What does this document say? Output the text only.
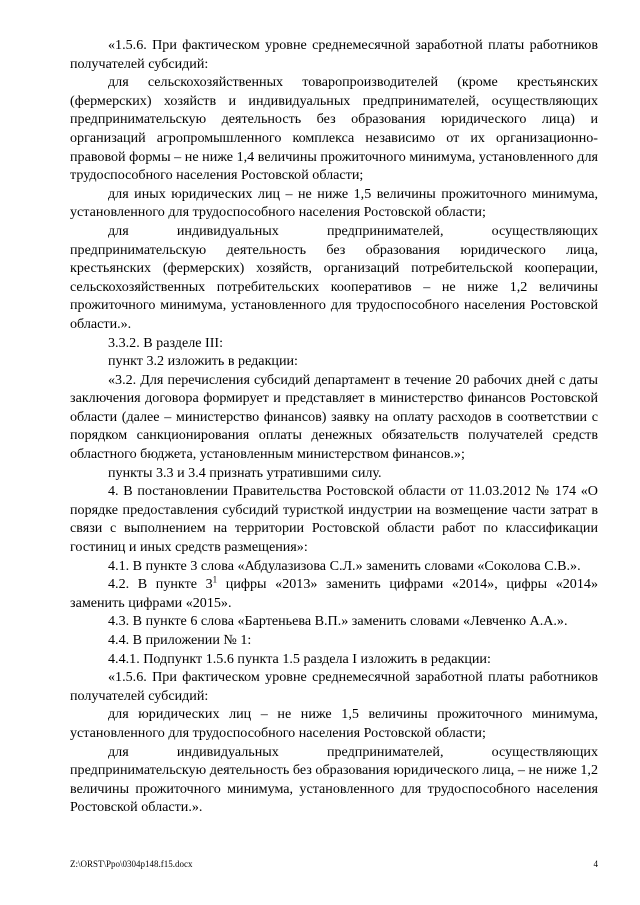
«1.5.6. При фактическом уровне среднемесячной заработной платы работников получателей субсидий:

для сельскохозяйственных товаропроизводителей (кроме крестьянских (фермерских) хозяйств и индивидуальных предпринимателей, осуществляющих предпринимательскую деятельность без образования юридического лица) и организаций агропромышленного комплекса независимо от их организационно-правовой формы – не ниже 1,4 величины прожиточного минимума, установленного для трудоспособного населения Ростовской области;

для иных юридических лиц – не ниже 1,5 величины прожиточного минимума, установленного для трудоспособного населения Ростовской области;

для индивидуальных предпринимателей, осуществляющих предпринимательскую деятельность без образования юридического лица, крестьянских (фермерских) хозяйств, организаций потребительской кооперации, сельскохозяйственных потребительских кооперативов – не ниже 1,2 величины прожиточного минимума, установленного для трудоспособного населения Ростовской области.».

3.3.2. В разделе III:

пункт 3.2 изложить в редакции:

«3.2. Для перечисления субсидий департамент в течение 20 рабочих дней с даты заключения договора формирует и представляет в министерство финансов Ростовской области (далее – министерство финансов) заявку на оплату расходов в соответствии с порядком санкционирования оплаты денежных обязательств получателей средств областного бюджета, установленным министерством финансов.»;

пункты 3.3 и 3.4 признать утратившими силу.

4. В постановлении Правительства Ростовской области от 11.03.2012 № 174 «О порядке предоставления субсидий туристкой индустрии на возмещение части затрат в связи с выполнением на территории Ростовской области работ по классификации гостиниц и иных средств размещения»:

4.1. В пункте 3 слова «Абдулазизова С.Л.» заменить словами «Соколова С.В.».

4.2. В пункте $3^1$ цифры «2013» заменить цифрами «2014», цифры «2014» заменить цифрами «2015».

4.3. В пункте 6 слова «Бартеньева В.П.» заменить словами «Левченко А.А.».

4.4. В приложении № 1:

4.4.1. Подпункт 1.5.6 пункта 1.5 раздела I изложить в редакции:

«1.5.6. При фактическом уровне среднемесячной заработной платы работников получателей субсидий:

для юридических лиц – не ниже 1,5 величины прожиточного минимума, установленного для трудоспособного населения Ростовской области;

для индивидуальных предпринимателей, осуществляющих предпринимательскую деятельность без образования юридического лица, – не ниже 1,2 величины прожиточного минимума, установленного для трудоспособного населения Ростовской области.».

Z:\ORST\Ppo\0304p148.f15.docx	4
